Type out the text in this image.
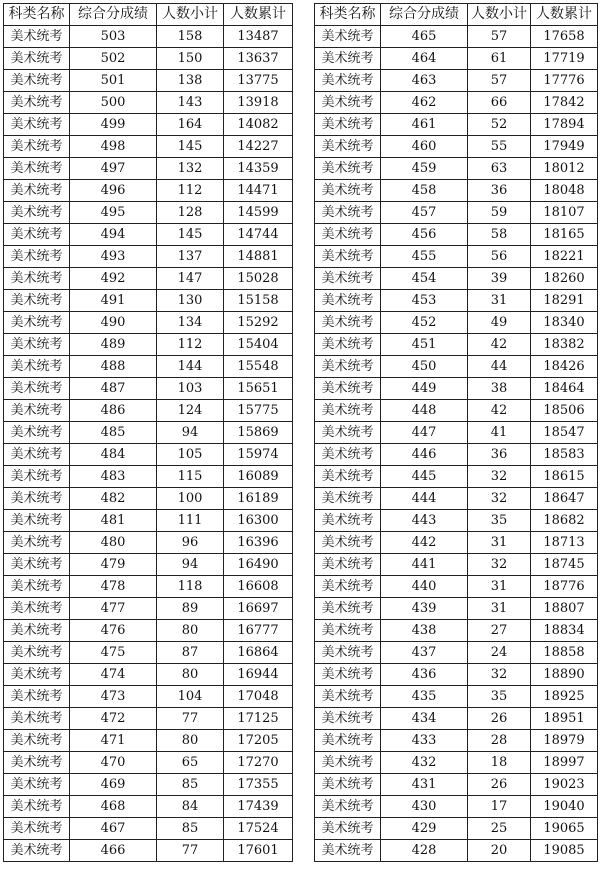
科类名称	综合分成绩	人数小计	人数累计
美术统考	503	158	13487
美术统考	502	150	13637
美术统考	501	138	13775
美术统考	500	143	13918
美术统考	499	164	14082
美术统考	498	145	14227
美术统考	497	132	14359
美术统考	496	112	14471
美术统考	495	128	14599
美术统考	494	145	14744
美术统考	493	137	14881
美术统考	492	147	15028
美术统考	491	130	15158
美术统考	490	134	15292
美术统考	489	112	15404
美术统考	488	144	15548
美术统考	487	103	15651
美术统考	486	124	15775
美术统考	485	94	15869
美术统考	484	105	15974
美术统考	483	115	16089
美术统考	482	100	16189
美术统考	481	111	16300
美术统考	480	96	16396
美术统考	479	94	16490
美术统考	478	118	16608
美术统考	477	89	16697
美术统考	476	80	16777
美术统考	475	87	16864
美术统考	474	80	16944
美术统考	473	104	17048
美术统考	472	77	17125
美术统考	471	80	17205
美术统考	470	65	17270
美术统考	469	85	17355
美术统考	468	84	17439
美术统考	467	85	17524
美术统考	466	77	17601
科类名称	综合分成绩	人数小计	人数累计
美术统考	465	57	17658
美术统考	464	61	17719
美术统考	463	57	17776
美术统考	462	66	17842
美术统考	461	52	17894
美术统考	460	55	17949
美术统考	459	63	18012
美术统考	458	36	18048
美术统考	457	59	18107
美术统考	456	58	18165
美术统考	455	56	18221
美术统考	454	39	18260
美术统考	453	31	18291
美术统考	452	49	18340
美术统考	451	42	18382
美术统考	450	44	18426
美术统考	449	38	18464
美术统考	448	42	18506
美术统考	447	41	18547
美术统考	446	36	18583
美术统考	445	32	18615
美术统考	444	32	18647
美术统考	443	35	18682
美术统考	442	31	18713
美术统考	441	32	18745
美术统考	440	31	18776
美术统考	439	31	18807
美术统考	438	27	18834
美术统考	437	24	18858
美术统考	436	32	18890
美术统考	435	35	18925
美术统考	434	26	18951
美术统考	433	28	18979
美术统考	432	18	18997
美术统考	431	26	19023
美术统考	430	17	19040
美术统考	429	25	19065
美术统考	428	20	19085
